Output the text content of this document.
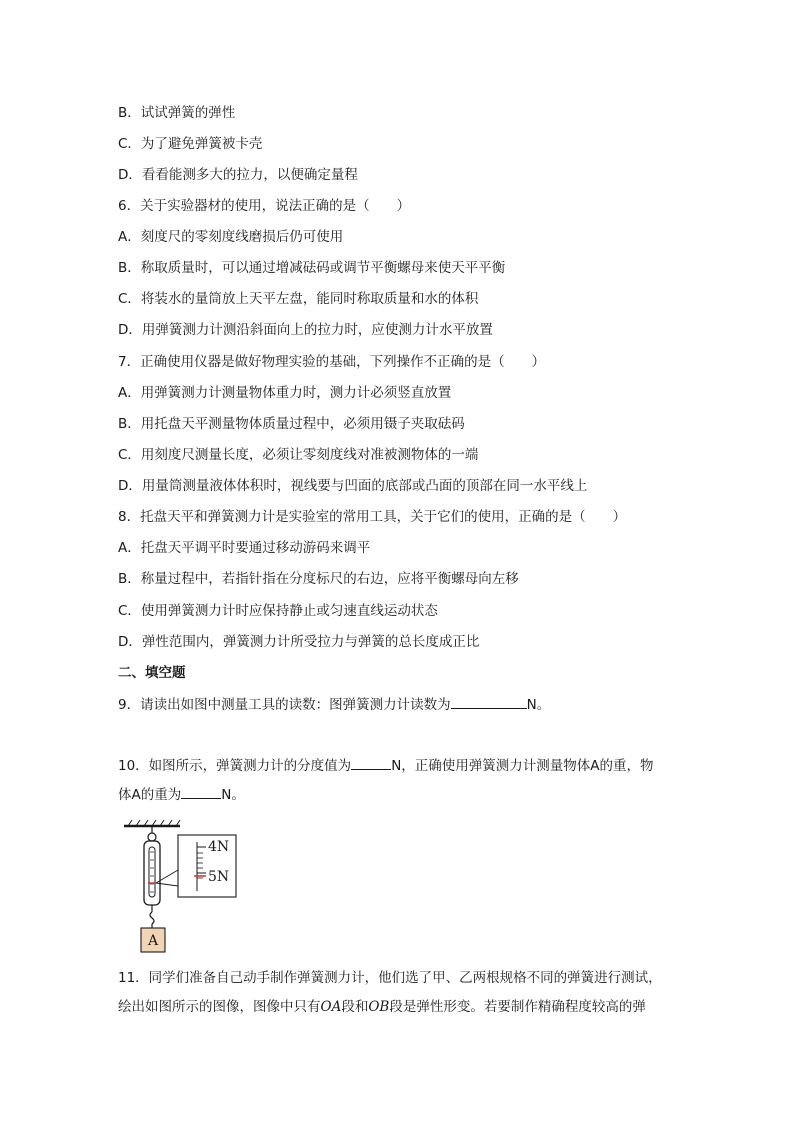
B．试试弹簧的弹性
C．为了避免弹簧被卡壳
D．看看能测多大的拉力，以便确定量程
6．关于实验器材的使用，说法正确的是（　　）
A．刻度尺的零刻度线磨损后仍可使用
B．称取质量时，可以通过增减砝码或调节平衡螺母来使天平平衡
C．将装水的量筒放上天平左盘，能同时称取质量和水的体积
D．用弹簧测力计测沿斜面向上的拉力时，应使测力计水平放置
7．正确使用仪器是做好物理实验的基础，下列操作不正确的是（　　）
A．用弹簧测力计测量物体重力时，测力计必须竖直放置
B．用托盘天平测量物体质量过程中，必须用镊子夹取砝码
C．用刻度尺测量长度，必须让零刻度线对准被测物体的一端
D．用量筒测量液体体积时，视线要与凹面的底部或凸面的顶部在同一水平线上
8．托盘天平和弹簧测力计是实验室的常用工具，关于它们的使用，正确的是（　　）
A．托盘天平调平时要通过移动游码来调平
B．称量过程中，若指针指在分度标尺的右边，应将平衡螺母向左移
C．使用弹簧测力计时应保持静止或匀速直线运动状态
D．弹性范围内，弹簧测力计所受拉力与弹簧的总长度成正比
二、填空题
9．请读出如图中测量工具的读数：图弹簧测力计读数为	N。
10．如图所示，弹簧测力计的分度值为	N，正确使用弹簧测力计测量物体A的重，物
体A的重为	N。
4N
5N
A
11．同学们准备自己动手制作弹簧测力计，他们选了甲、乙两根规格不同的弹簧进行测试，
绘出如图所示的图像，图像中只有OA段和OB段是弹性形变。若要制作精确程度较高的弹
